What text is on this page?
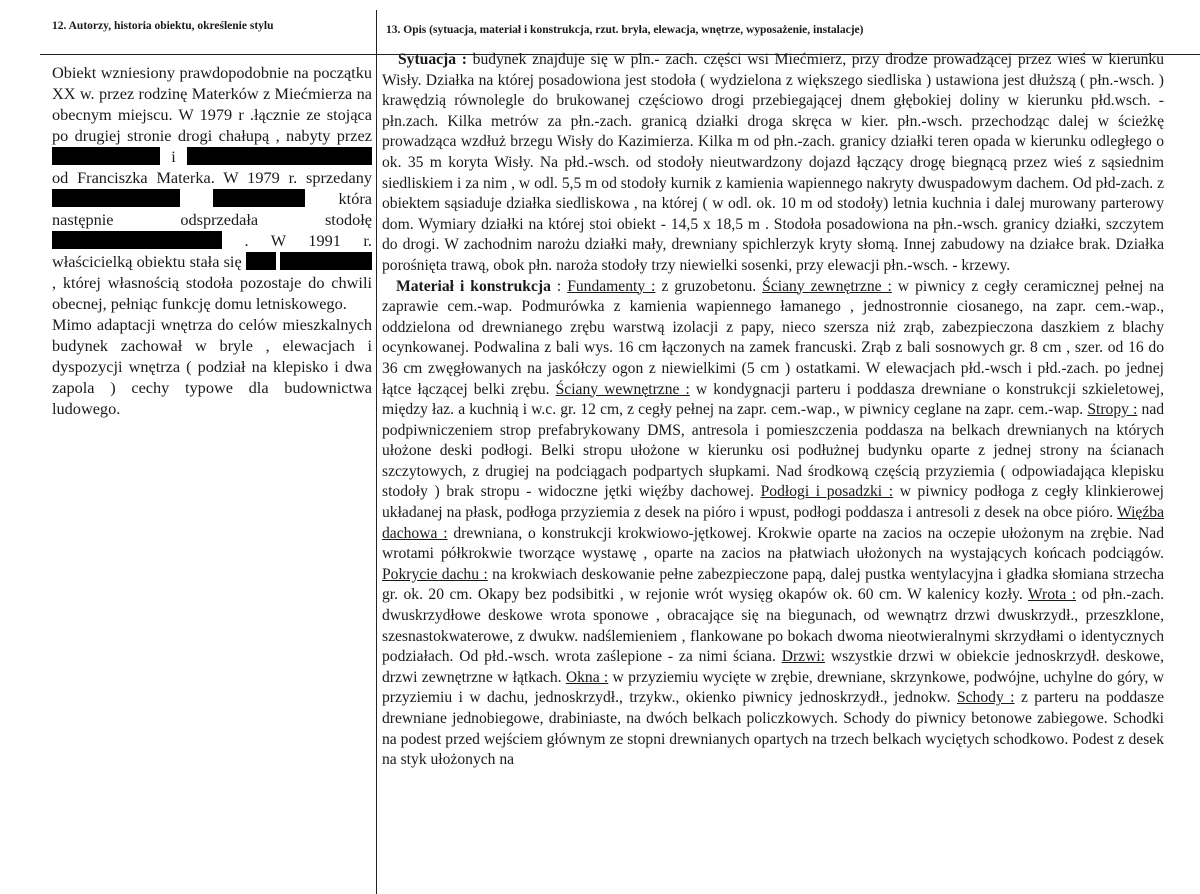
12. Autorzy, historia obiektu, określenie stylu	13. Opis (sytuacja, materiał i konstrukcja, rzut. bryła, elewacja, wnętrze, wyposażenie, instalacje)

Obiekt wzniesiony prawdopodobnie na początku XX w. przez rodzinę Materków z Miećmierza na obecnym miejscu. W 1979 r .łącznie ze stojąca po drugiej stronie drogi chałupą , nabyty przez  i  od Franciszka Materka. W 1979 r. sprzedany   która następnie odsprzedała stodołę  . W 1991 r. właścicielką obiektu stała się   , której własnością stodoła pozostaje do chwili obecnej, pełniąc funkcję domu letniskowego.

Mimo adaptacji wnętrza do celów mieszkalnych budynek zachował w bryle , elewacjach i dyspozycji wnętrza ( podział na klepisko i dwa zapola ) cechy typowe dla budownictwa ludowego.

Sytuacja : budynek znajduje się w pln.- zach. części wsi Miećmierz, przy drodze prowadzącej przez wieś w kierunku Wisły. Działka na której posadowiona jest stodoła ( wydzielona z większego siedliska ) ustawiona jest dłuższą ( płn.-wsch. ) krawędzią równolegle do brukowanej częściowo drogi przebiegającej dnem głębokiej doliny w kierunku płd.wsch. - płn.zach. Kilka metrów za płn.-zach. granicą działki droga skręca w kier. płn.-wsch. przechodząc dalej w ścieżkę prowadząca wzdłuż brzegu Wisły do Kazimierza. Kilka m od płn.-zach. granicy działki teren opada w kierunku odległego o ok. 35 m koryta Wisły. Na płd.-wsch. od stodoły nieutwardzony dojazd łączący drogę biegnącą przez wieś z sąsiednim siedliskiem i za nim , w odl. 5,5 m od stodoły kurnik z kamienia wapiennego nakryty dwuspadowym dachem. Od płd-zach. z obiektem sąsiaduje działka siedliskowa , na której ( w odl. ok. 10 m od stodoły) letnia kuchnia i dalej murowany parterowy dom. Wymiary działki na której stoi obiekt - 14,5 x 18,5 m . Stodoła posadowiona na płn.-wsch. granicy działki, szczytem do drogi. W zachodnim narożu działki mały, drewniany spichlerzyk kryty słomą. Innej zabudowy na działce brak. Działka porośnięta trawą, obok płn. naroża stodoły trzy niewielki sosenki, przy elewacji płn.-wsch. - krzewy.

Materiał i konstrukcja : Fundamenty : z gruzobetonu. Ściany zewnętrzne : w piwnicy z cegły ceramicznej pełnej na zaprawie cem.-wap. Podmurówka z kamienia wapiennego łamanego , jednostronnie ciosanego, na zapr. cem.-wap., oddzielona od drewnianego zrębu warstwą izolacji z papy, nieco szersza niż zrąb, zabezpieczona daszkiem z blachy ocynkowanej. Podwalina z bali wys. 16 cm łączonych na zamek francuski. Zrąb z bali sosnowych gr. 8 cm , szer. od 16 do 36 cm zwęgłowanych na jaskółczy ogon z niewielkimi (5 cm ) ostatkami. W elewacjach płd.-wsch i płd.-zach. po jednej łątce łączącej belki zrębu. Ściany wewnętrzne : w kondygnacji parteru i poddasza drewniane o konstrukcji szkieletowej, między łaz. a kuchnią i w.c. gr. 12 cm, z cegły pełnej na zapr. cem.-wap., w piwnicy ceglane na zapr. cem.-wap. Stropy : nad podpiwniczeniem strop prefabrykowany DMS, antresola i pomieszczenia poddasza na belkach drewnianych na których ułożone deski podłogi. Belki stropu ułożone w kierunku osi podłużnej budynku oparte z jednej strony na ścianach szczytowych, z drugiej na podciągach podpartych słupkami. Nad środkową częścią przyziemia ( odpowiadająca klepisku stodoły ) brak stropu - widoczne jętki więźby dachowej. Podłogi i posadzki : w piwnicy podłoga z cegły klinkierowej układanej na płask, podłoga przyziemia z desek na pióro i wpust, podłogi poddasza i antresoli z desek na obce pióro. Więźba dachowa : drewniana, o konstrukcji krokwiowo-jętkowej. Krokwie oparte na zacios na oczepie ułożonym na zrębie. Nad wrotami półkrokwie tworzące wystawę , oparte na zacios na płatwiach ułożonych na wystających końcach podciągów. Pokrycie dachu : na krokwiach deskowanie pełne zabezpieczone papą, dalej pustka wentylacyjna i gładka słomiana strzecha gr. ok. 20 cm. Okapy bez podsibitki , w rejonie wrót wysięg okapów ok. 60 cm. W kalenicy kozły. Wrota : od płn.-zach. dwuskrzydłowe deskowe wrota sponowe , obracające się na biegunach, od wewnątrz drzwi dwuskrzydł., przeszklone, szesnastokwaterowe, z dwukw. nadślemieniem , flankowane po bokach dwoma nieotwieralnymi skrzydłami o identycznych podziałach. Od płd.-wsch. wrota zaślepione - za nimi ściana. Drzwi: wszystkie drzwi w obiekcie jednoskrzydł. deskowe, drzwi zewnętrzne w łątkach. Okna : w przyziemiu wycięte w zrębie, drewniane, skrzynkowe, podwójne, uchylne do góry, w przyziemiu i w dachu, jednoskrzydł., trzykw., okienko piwnicy jednoskrzydł., jednokw. Schody : z parteru na poddasze drewniane jednobiegowe, drabiniaste, na dwóch belkach policzkowych. Schody do piwnicy betonowe zabiegowe. Schodki na podest przed wejściem głównym ze stopni drewnianych opartych na trzech belkach wyciętych schodkowo. Podest z desek na styk ułożonych na
